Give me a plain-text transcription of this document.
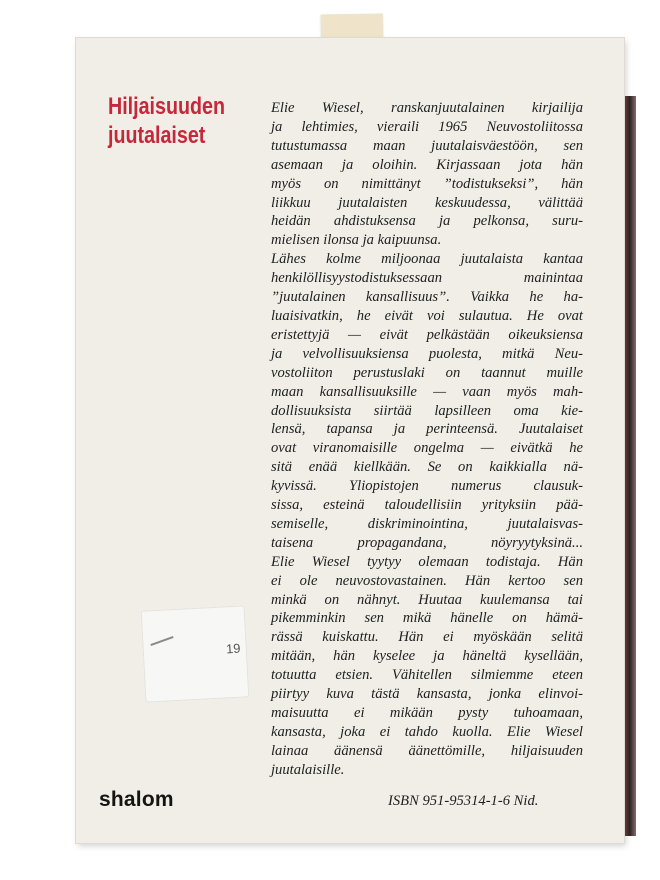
Hiljaisuuden
juutalaiset
Elie Wiesel, ranskanjuutalainen kirjailija
ja lehtimies, vieraili 1965 Neuvostoliitossa
tutustumassa maan juutalaisväestöön, sen
asemaan ja oloihin. Kirjassaan jota hän
myös on nimittänyt ”todistukseksi”, hän
liikkuu juutalaisten keskuudessa, välittää
heidän ahdistuksensa ja pelkonsa, suru-
mielisen ilonsa ja kaipuunsa.
Lähes kolme miljoonaa juutalaista kantaa
henkilöllisyystodistuksessaan mainintaa
”juutalainen kansallisuus”. Vaikka he ha-
luaisivatkin, he eivät voi sulautua. He ovat
eristettyjä — eivät pelkästään oikeuksiensa
ja velvollisuuksiensa puolesta, mitkä Neu-
vostoliiton perustuslaki on taannut muille
maan kansallisuuksille — vaan myös mah-
dollisuuksista siirtää lapsilleen oma kie-
lensä, tapansa ja perinteensä. Juutalaiset
ovat viranomaisille ongelma — eivätkä he
sitä enää kiellkään. Se on kaikkialla nä-
kyvissä. Yliopistojen numerus clausuk-
sissa, esteinä taloudellisiin yrityksiin pää-
semiselle, diskriminointina, juutalaisvas-
taisena propagandana, nöyryytyksinä...
Elie Wiesel tyytyy olemaan todistaja. Hän
ei ole neuvostovastainen. Hän kertoo sen
minkä on nähnyt. Huutaa kuulemansa tai
pikemminkin sen mikä hänelle on hämä-
rässä kuiskattu. Hän ei myöskään selitä
mitään, hän kyselee ja häneltä kysellään,
totuutta etsien. Vähitellen silmiemme eteen
piirtyy kuva tästä kansasta, jonka elinvoi-
maisuutta ei mikään pysty tuhoamaan,
kansasta, joka ei tahdo kuolla. Elie Wiesel
lainaa äänensä äänettömille, hiljaisuuden
juutalaisille.
19
shalom	ISBN 951-95314-1-6 Nid.
